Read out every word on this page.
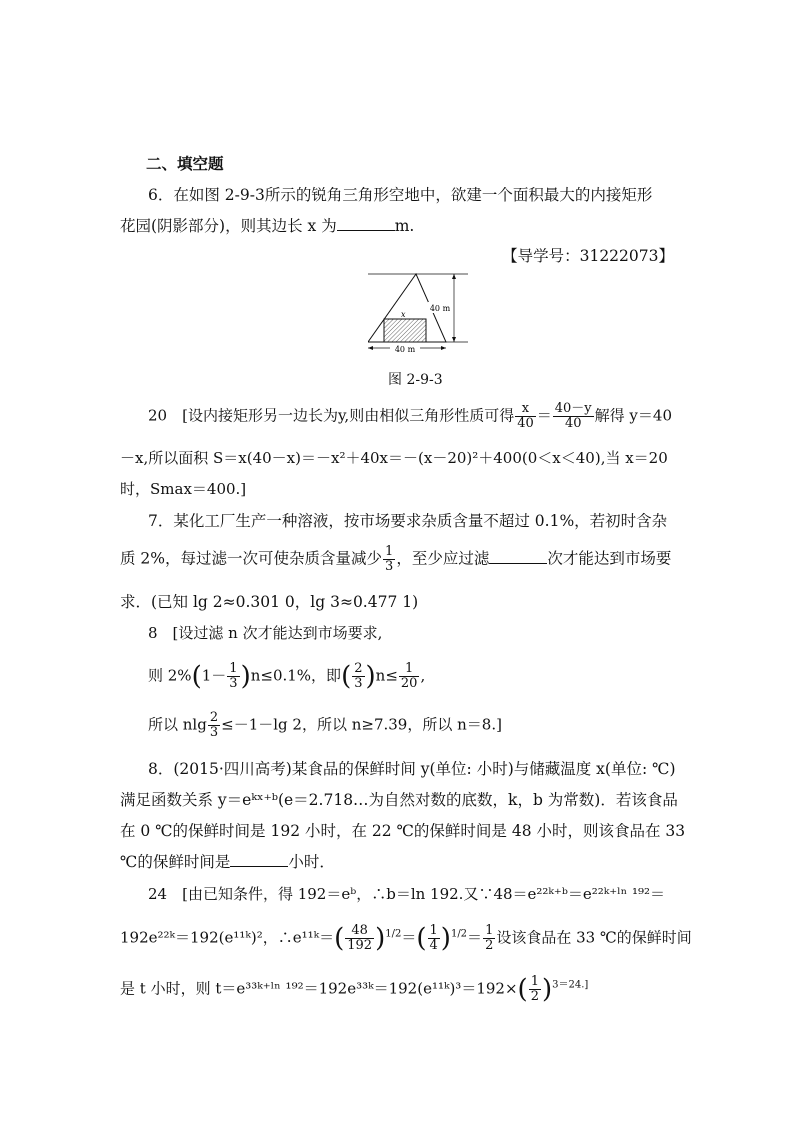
二、填空题
6．在如图 2-9-3所示的锐角三角形空地中，欲建一个面积最大的内接矩形
花园(阴影部分)，则其边长 x 为	m.
【导学号：31222073】
40 m
40 m
x
图 2-9-3
20　[设内接矩形另一边长为y,则由相似三角形性质可得 $\frac{x}{40} = \frac{40-y}{40}$ 解得 y＝40
－x,所以面积 S＝x(40－x)＝－x²＋40x＝－(x－20)²＋400(0＜x＜40),当 x＝20
时，Smax＝400.]
7．某化工厂生产一种溶液，按市场要求杂质含量不超过 0.1%，若初时含杂
质 2%，每过滤一次可使杂质含量减少 $\frac{1}{3}$ ，至少应过滤	次才能达到市场要
求．(已知 lg 2≈0.301 0，lg 3≈0.477 1)
8　[设过滤 n 次才能达到市场要求,
则 $2\%(1- \frac{1}{3} )n\le 0.1\%$，即( $\frac{2}{3} )n\le \frac{1}{20}$ ,
所以 nlg $\frac{2}{3} \le-1-\lg$ 2，所以 n≥7.39，所以 n＝8.]
8．(2015·四川高考)某食品的保鲜时间 y(单位: 小时)与储藏温度 x(单位: ℃)
满足函数关系 y＝eᵏˣ⁺ᵇ(e＝2.718…为自然对数的底数，k，b 为常数)．若该食品
在 0 ℃的保鲜时间是 192 小时，在 22 ℃的保鲜时间是 48 小时，则该食品在 33
℃的保鲜时间是	小时．
24　[由已知条件，得 192＝eᵇ，∴b＝ln 192.又∵48＝e²²ᵏ⁺ᵇ＝e²²ᵏ⁺ˡⁿ ¹⁹²＝
192e²²ᵏ＝192(e¹¹ᵏ)²，∴e¹¹ᵏ＝( $\frac{48}{192} )^{1/2}=( \frac{1}{4} )^{1/2}= \frac{1}{2}$ 设该食品在 33 ℃的保鲜时间
是 t 小时，则 t＝e³³ᵏ⁺ˡⁿ ¹⁹²＝192e³³ᵏ＝192(e¹¹ᵏ)³＝192×( $\frac{1}{2} )^{3=24.]}$
